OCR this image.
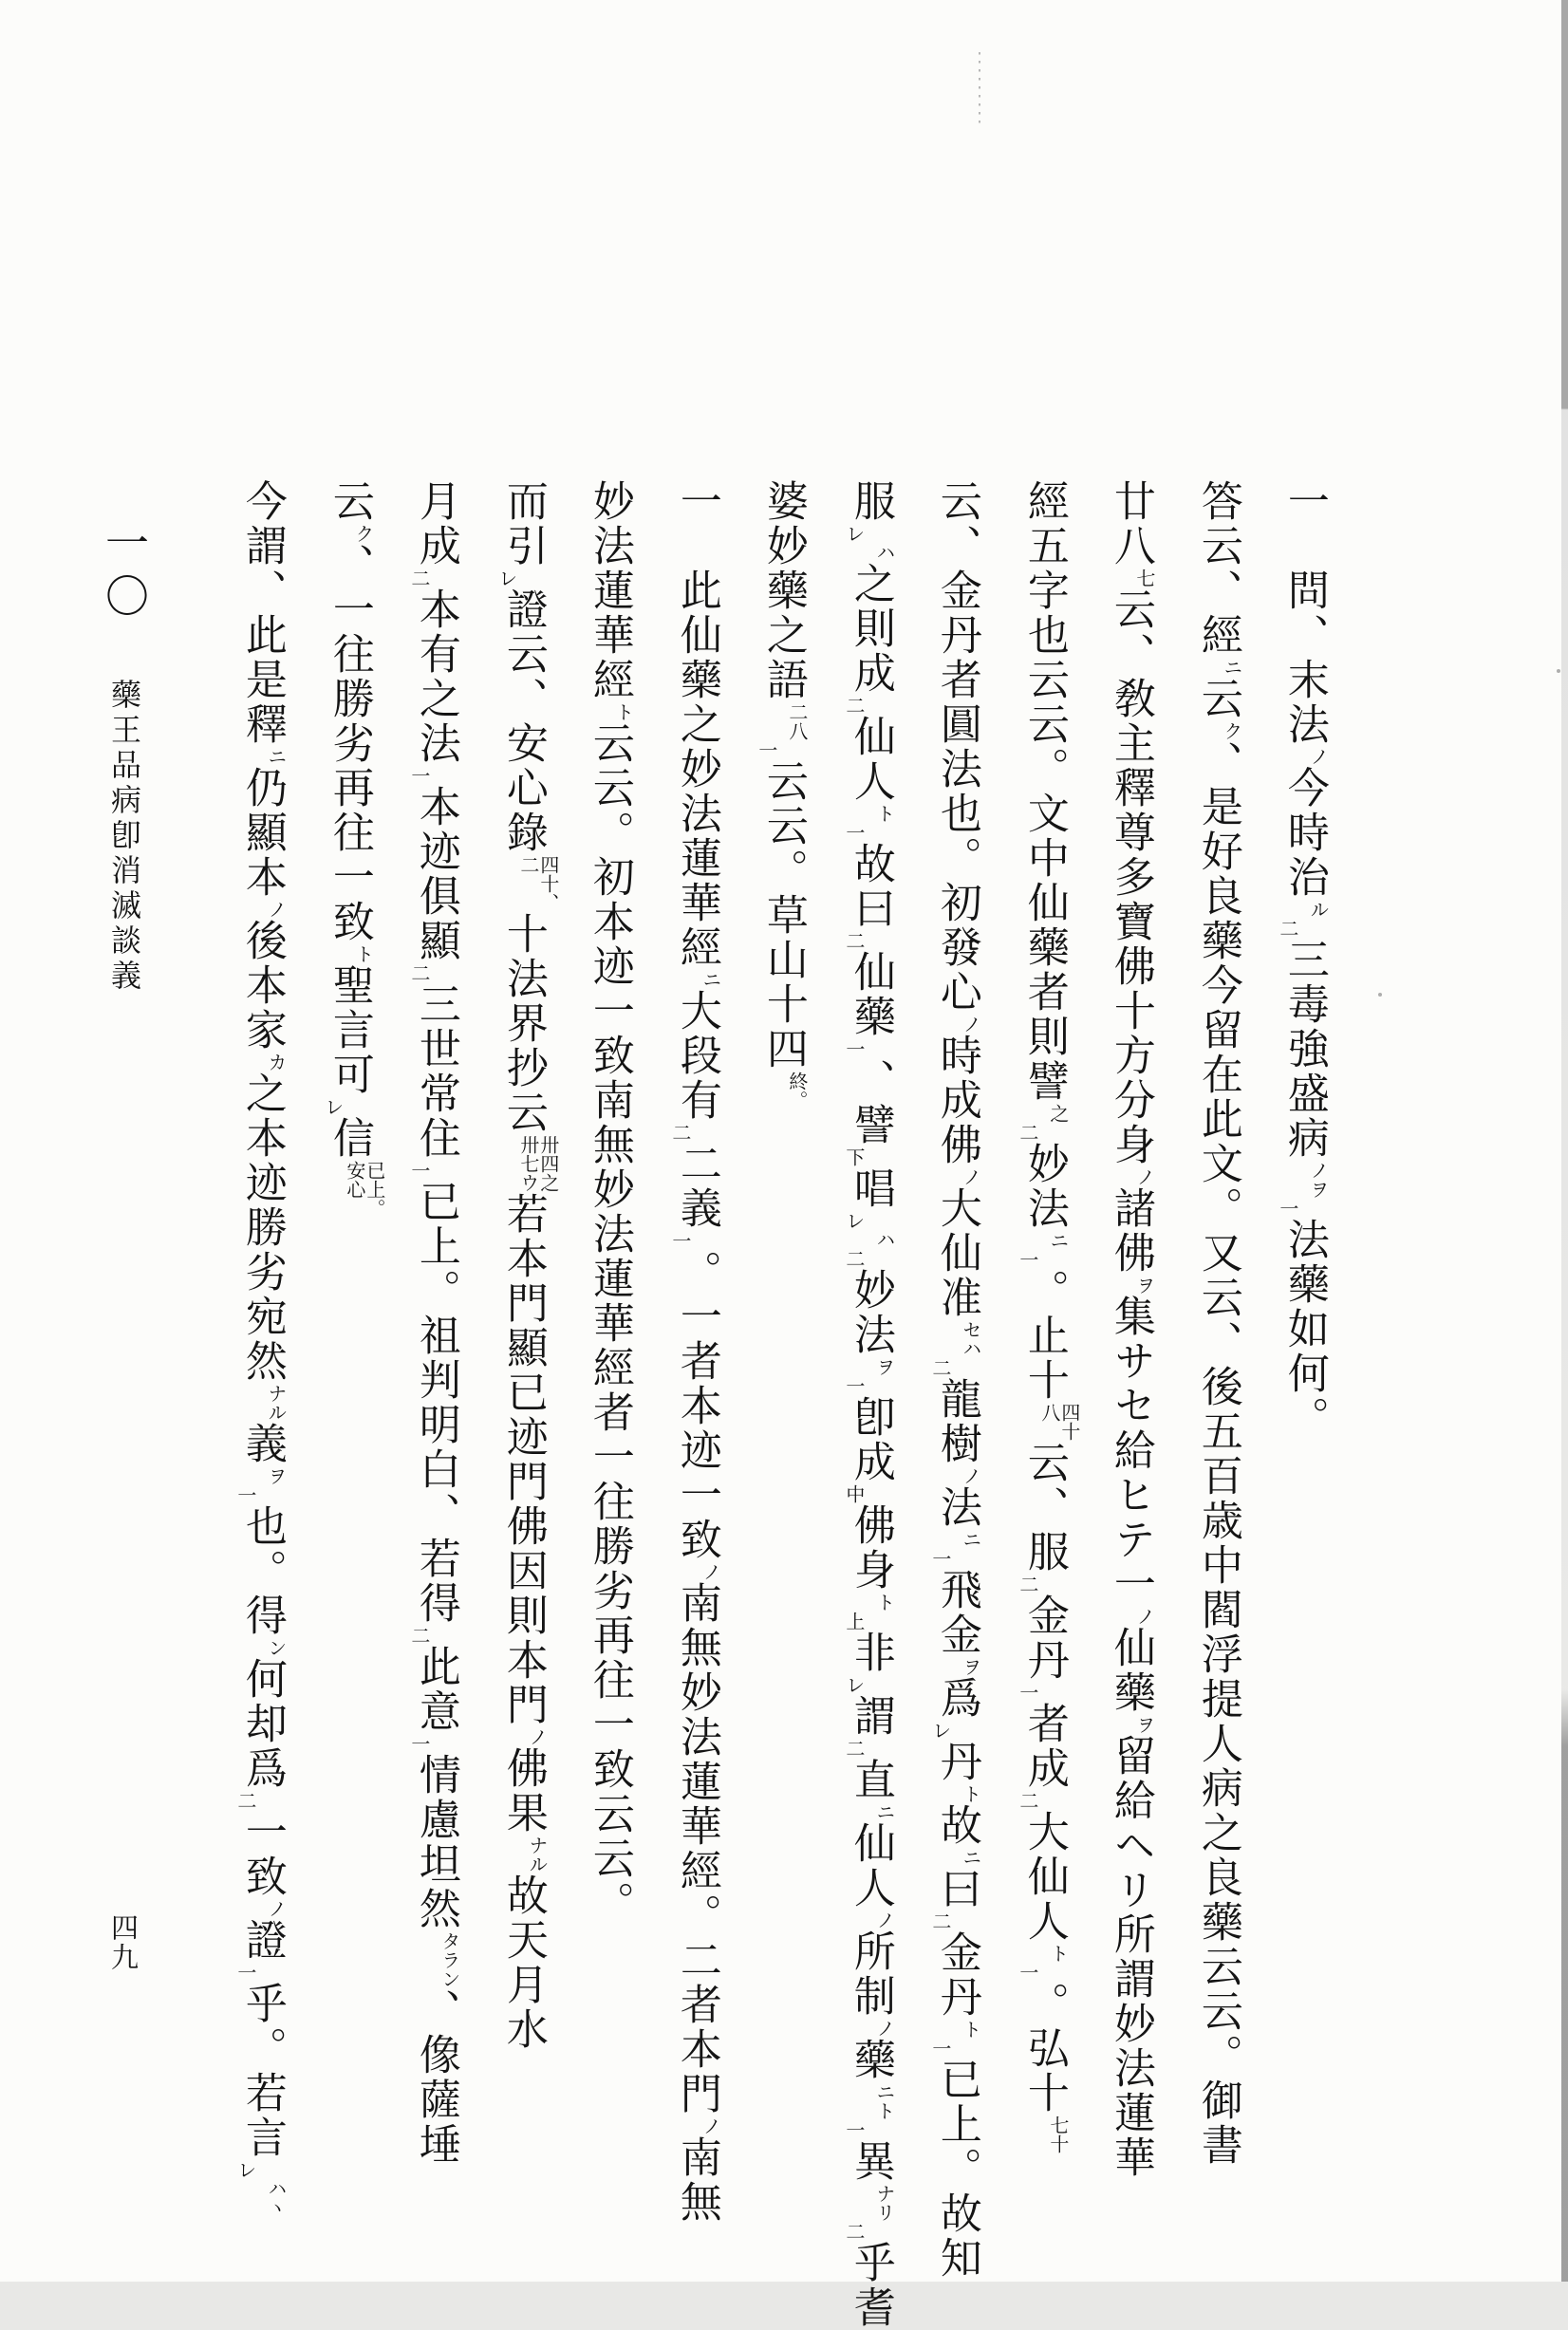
一〇 藥王品病卽消滅談義
一　問、末法ノ今時治ル二三毒強盛病ノヲ一法藥如何。
答云、經ニ云ク、是好良藥今留在此文。又云、後五百歳中閻浮提人病之良藥云云。御書
廿八七云、敎主釋尊多寶佛十方分身ノ諸佛ヲ集サセ給ヒテ一ノ仙藥ヲ留給ヘリ所謂妙法蓮華
經五字也云云。文中仙藥者則譬之二妙法ニ一。止十
四十
八
云、服二金丹一者成二大仙人ト一。弘十七十
云、金丹者圓法也。初發心ノ時成佛ノ大仙准セハ二龍樹ノ法ニ一飛金ヲ爲レ丹ト故ニ曰二金丹ト一已上。故知
服レハ之則成二仙人ト一故曰二仙藥一、譬下唱レハ二妙法ヲ一卽成中佛身ト上非レ謂二直ニ仙人ノ所制ノ藥ニト一異ナリ二乎耆
婆妙藥之語二八一云云。草山十四終。
一　此仙藥之妙法蓮華經ニ大段有二二義一。一者本迹一致ノ南無妙法蓮華經。二者本門ノ南無
妙法蓮華經ト云云。初本迹一致南無妙法蓮華經者一往勝劣再往一致云云。
而引レ證云、安心錄
四十、
二
十法界抄云
卅四之
卅七ウ
若本門顯已迹門佛因則本門ノ佛果ナル故天月水
月成二本有之法一本迹俱顯二三世常住一已上。祖判明白、若得二此意一情慮坦然タラン、像薩埵
云ク、一往勝劣再往一致ト聖言可レ信
已上。
安心
今謂、此是釋ニ仍顯本ノ後本家カ之本迹勝劣宛然ナル義ヲ一也。得ン何却爲二一致ノ證一乎。若言レハヽ
四九
